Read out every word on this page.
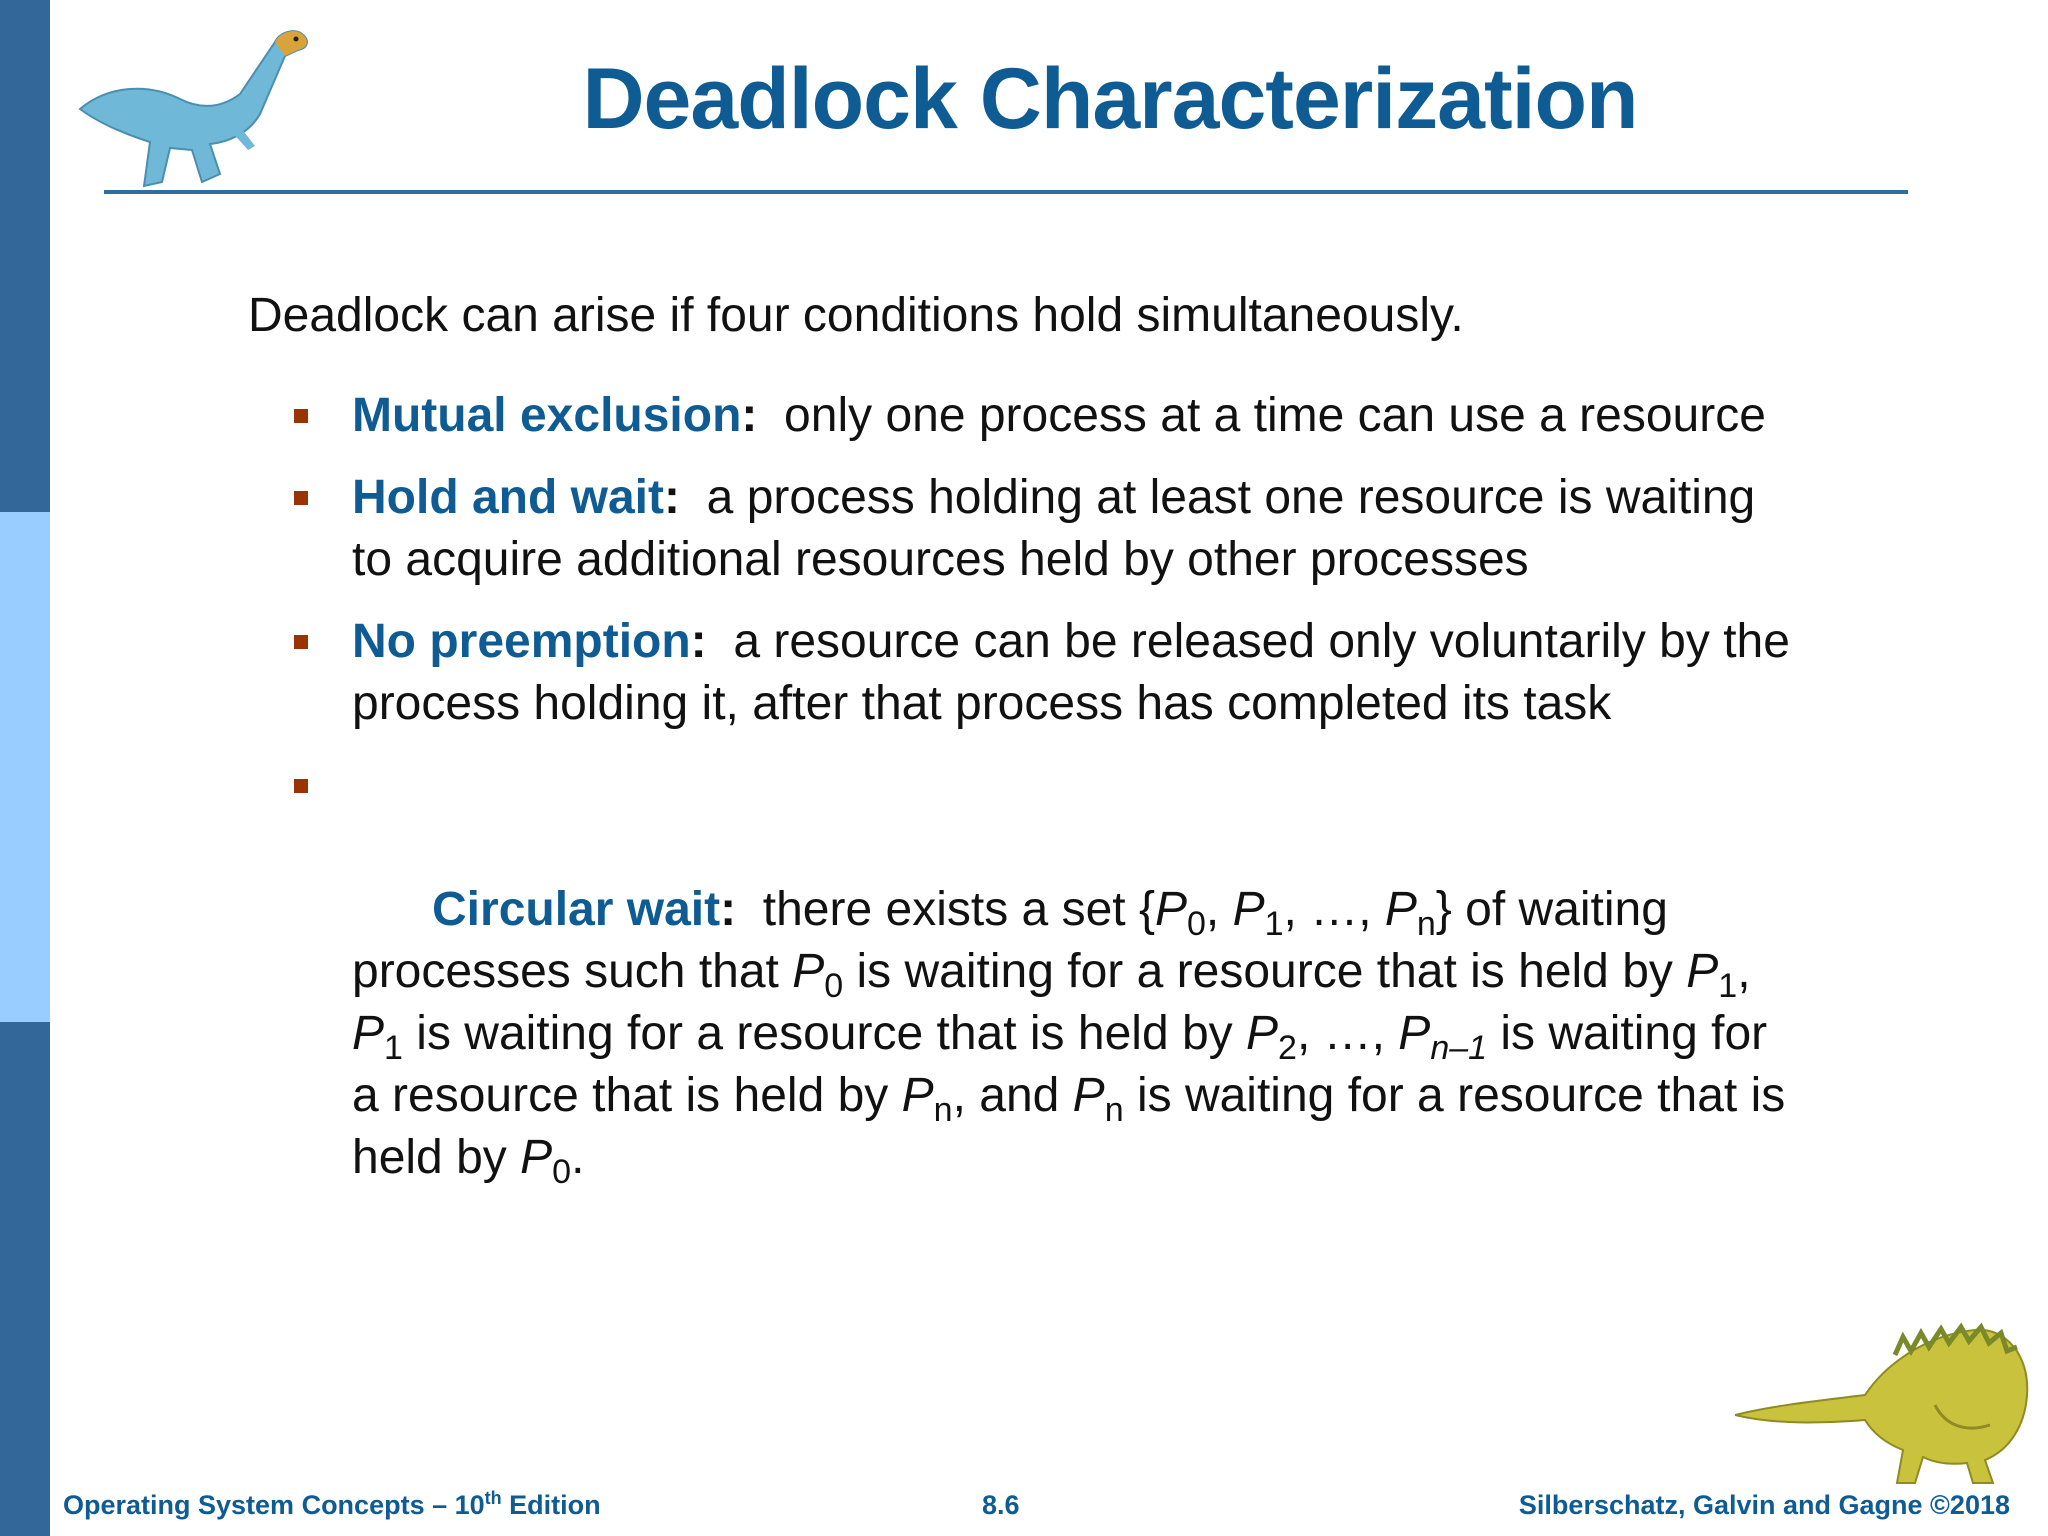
Deadlock Characterization
Deadlock can arise if four conditions hold simultaneously.
Mutual exclusion:  only one process at a time can use a resource
Hold and wait:  a process holding at least one resource is waiting to acquire additional resources held by other processes
No preemption:  a resource can be released only voluntarily by the process holding it, after that process has completed its task

Circular wait:  there exists a set {$P_0$, $P_1$, …, $P_n$} of waiting processes such that $P_0$ is waiting for a resource that is held by $P_1$, $P_1$ is waiting for a resource that is held by $P_2$, …, $P_{n-1}$ is waiting for a resource that is held by $P_n$, and $P_n$ is waiting for a resource that is held by $P_0$.

Operating System Concepts – 10th Edition	8.6	Silberschatz, Galvin and Gagne ©2018
